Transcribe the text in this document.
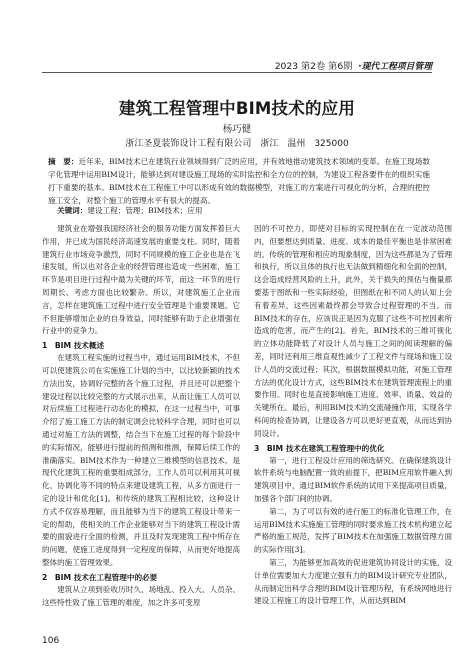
2023 第2卷 第6期 ·现代工程项目管理
建筑工程管理中BIM技术的应用
杨巧健
浙江圣夏装饰设计工程有限公司　浙江　温州　325000
摘　要：近年来，BIM技术已在建筑行业领域得到广泛的应用，并有效地推动建筑技术领域的变革。在施工现场数字化管理中运用BIM设计，能够达到对建设施工现场的实时监控和全方位的控制，为建设工程各要件在的组织实施打下重要的基本。BIM技术在工程施工中可以形成有效的数据模型，对施工的方案进行可视化的分析，合理的把控施工安全，对整个施工的管理水平有很大的提高。
关键词：建设工程；管理；BIM技术；应用

建筑业在增强我国经济社会的服务功能方面发挥着巨大作用，并已成为国民经济高速发展的重要支柱。同时，随着建筑行业市场竞争激烈，同时不同规模的施工企业也是在飞速发展，所以也对各企业的经营管理也造成一些困难，施工环节是项目进行过程中最为关键的环节，而这一环节的进行周期长、考虑方面也比较繁杂。所以，对建筑施工企业而言，怎样在建筑施工过程中进行安全管理是个重要课题。它不但能够增加企业的自身效益，同时能够有助于企业增强在行业中的竞争力。

1　BIM 技术概述

在建筑工程实施的过程当中，通过运用BIM技术，不但可以使建筑公司在实施施工计划的当中，以比较新颖的技术方法出发，协调好完整的各个施工过程，并且还可以把整个建设过程以比较完整的方式展示出来，从而让施工人员可以对后续施工过程进行动态化的模拟，在这一过程当中，可事介绍了施工施工方法的制定调会比较科学合理，同时也可以通过对施工方法的调整，结合当下在施工过程的每个阶段中的实际情况，能够进行提前的预测和推测，保障后续工作的准确落实。BIM技术作为一种建立三维模型的信息技术，是现代化建筑工程的重要组成部分，工作人员可以利用其可视化、协调化等不同的特点来建设建筑工程，从多方面进行一定的设计和优化[1]。和传统的建筑工程相比较，这种设计方式不仅容易理解，而且能够为当下的建筑工程设计带来一定的帮助，使相关的工作企业能够对当下的建筑工程设计需要的面貌进行全面的检测，并且及时发现建筑工程中所存在的问题，使施工进度得到一定程度的保障，从而更好地提高整体的施工管理效果。

2　BIM 技术在工程管理中的必要

建筑从立项到验收历时久、场地乱、投入大、人员杂、这些特性致了施工管理的难度，加之许多可变原

因的不可控力，即使对目标的实现控制在在一定波动范围内，但要想达到质量、进度、成本的最佳平衡也是非常困难的。传统的管理和相应的现象制度，因为这些都是为了管理和执行，所以且体的执行也无法做到精细化和全面的控制，这会造成经营风险的上升，此外，关于损失的预估与衡量都要基于图纸和一些实际经验，但图纸在和不同人的认知上会有着差异，这些因素最终都会导致合过程管理的不当。而BIM技术的存在，应该说正是因为克服了这些不可控因素所造成的危害，而产生的[2]。首先，BIM技术的三维可视化的立体功能降低了对设计人员与施工之间的阅读理解的偏差，同时还利用三维直观性减少了工程文件与现场和施工设计人员的交流过程；其次，根据数据模拟功能，对施工管理方法的优化设计方式，这些BIM技术在建筑管理流程上的重要作用。同时也是直接影响施工进度、效率、质量、效益的关键所在。最后，利用BIM技术的交流碰撞作用，实现各学科间的检查协调，让建设各方可以更好更直观，从而达到协同设计。

3　BIM 技术在建筑工程管理中的优化

第一，进行工程设计应用的筛选研究。在确保建筑设计软件系统与电脑配置一致的前提下，把BIM应用软件融入到建筑项目中，通过BIM软件系统的试用下来提高项目质量，加强各个部门间的协调。

第二，为了可以有效的进行施工的标准化管理工作，在运用BIM技术实施施工管理的同时要求施工技术机构建立起严格的施工规范，发挥了BIM技术在加强施工数据管理方面的实际作用[3]。

第三，为能够更加高效的促进建筑协同设计的实施，设计单位需要加大力度建立强有力的BIM设计研究专业团队，从而制定出科学合理的BIM设计管理历程，有系统网地进行建设工程施工的设计管理工作，从而达到BIM

106
